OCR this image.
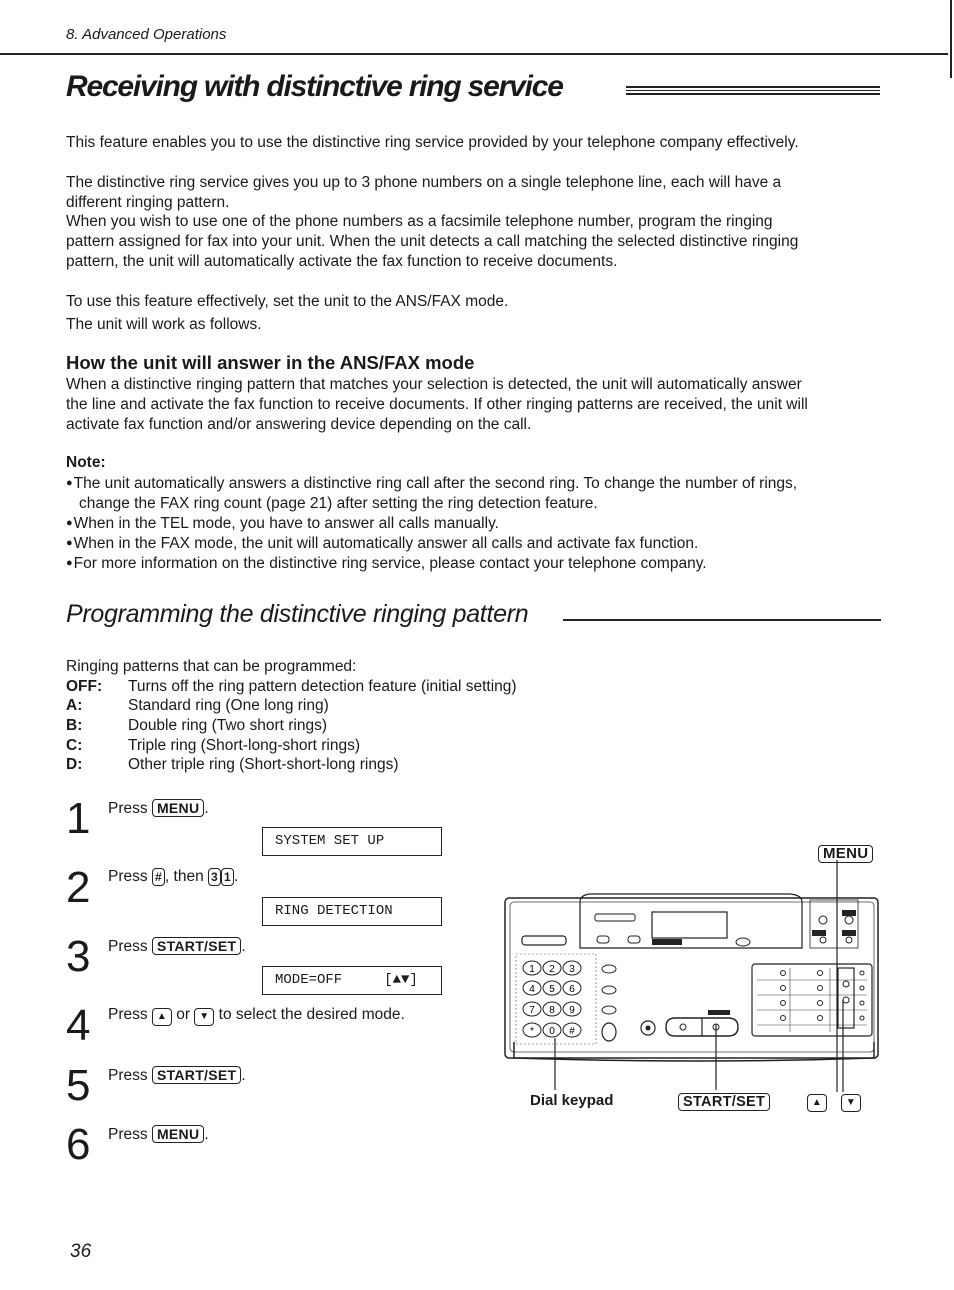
8. Advanced Operations
Receiving with distinctive ring service
This feature enables you to use the distinctive ring service provided by your telephone company effectively.
The distinctive ring service gives you up to 3 phone numbers on a single telephone line, each will have a
different ringing pattern.
When you wish to use one of the phone numbers as a facsimile telephone number, program the ringing
pattern assigned for fax into your unit. When the unit detects a call matching the selected distinctive ringing
pattern, the unit will automatically activate the fax function to receive documents.
To use this feature effectively, set the unit to the ANS/FAX mode.
The unit will work as follows.
How the unit will answer in the ANS/FAX mode
When a distinctive ringing pattern that matches your selection is detected, the unit will automatically answer
the line and activate the fax function to receive documents. If other ringing patterns are received, the unit will
activate fax function and/or answering device depending on the call.
Note:
●The unit automatically answers a distinctive ring call after the second ring. To change the number of rings,
change the FAX ring count (page 21) after setting the ring detection feature.
●When in the TEL mode, you have to answer all calls manually.
●When in the FAX mode, the unit will automatically answer all calls and activate fax function.
●For more information on the distinctive ring service, please contact your telephone company.
Programming the distinctive ringing pattern
Ringing patterns that can be programmed:
OFF: Turns off the ring pattern detection feature (initial setting)
A:	Standard ring (One long ring)
B:	Double ring (Two short rings)
C:	Triple ring (Short-long-short rings)
D:	Other triple ring (Short-short-long rings)
1 Press MENU .
SYSTEM SET UP
2 Press # , then 3 1 .
RING DETECTION
3 Press START/SET .
MODE=OFF     [▲▼]
4 Press ▲ or ▼ to select the desired mode.
5 Press START/SET .
6 Press MENU .
MENU
Dial keypad	START/SET	▲	▼
1 2 3
4 5 6
7 8 9
* 0 #
36
